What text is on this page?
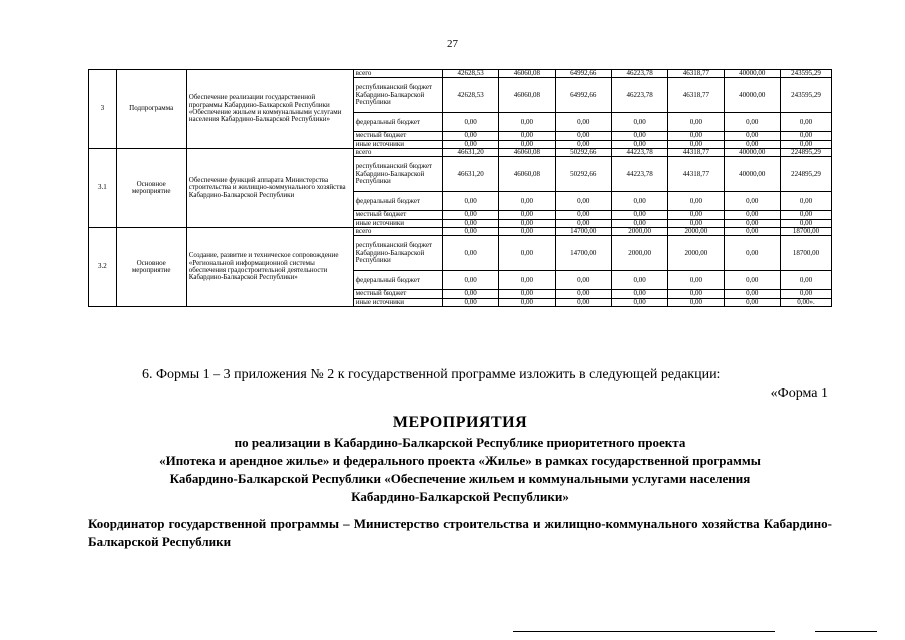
27
3	Подпрограмма	Обеспечение реализации государственной программы Кабардино-Балкарской Республики «Обеспечение жильем и коммунальными услугами населения Кабардино-Балкарской Республики»	всего	42628,53	46060,08	64992,66	46223,78	46318,77	40000,00	243595,29
			республиканский бюджет Кабардино-Балкарской Республики	42628,53	46060,08	64992,66	46223,78	46318,77	40000,00	243595,29
			федеральный бюджет	0,00	0,00	0,00	0,00	0,00	0,00	0,00
			местный бюджет	0,00	0,00	0,00	0,00	0,00	0,00	0,00
			иные источники	0,00	0,00	0,00	0,00	0,00	0,00	0,00
3.1	Основное мероприятие	Обеспечение функций аппарата Министерства строительства и жилищно-коммунального хозяйства Кабардино-Балкарской Республики	всего	46631,20	46060,08	50292,66	44223,78	44318,77	40000,00	224895,29
			республиканский бюджет Кабардино-Балкарской Республики	46631,20	46060,08	50292,66	44223,78	44318,77	40000,00	224895,29
			федеральный бюджет	0,00	0,00	0,00	0,00	0,00	0,00	0,00
			местный бюджет	0,00	0,00	0,00	0,00	0,00	0,00	0,00
			иные источники	0,00	0,00	0,00	0,00	0,00	0,00	0,00
3.2	Основное мероприятие	Создание, развитие и техническое сопровождение «Региональной информационной системы обеспечения градостроительной деятельности Кабардино-Балкарской Республики»	всего	0,00	0,00	14700,00	2000,00	2000,00	0,00	18700,00
			республиканский бюджет Кабардино-Балкарской Республики	0,00	0,00	14700,00	2000,00	2000,00	0,00	18700,00
			федеральный бюджет	0,00	0,00	0,00	0,00	0,00	0,00	0,00
			местный бюджет	0,00	0,00	0,00	0,00	0,00	0,00	0,00
			иные источники	0,00	0,00	0,00	0,00	0,00	0,00	0,00».
6. Формы 1 – 3 приложения № 2 к государственной программе изложить в следующей редакции:
«Форма 1
МЕРОПРИЯТИЯ
по реализации в Кабардино-Балкарской Республике приоритетного проекта
«Ипотека и арендное жилье» и федерального проекта «Жилье» в рамках государственной программы
Кабардино-Балкарской Республики «Обеспечение жильем и коммунальными услугами населения
Кабардино-Балкарской Республики»
Координатор государственной программы – Министерство строительства и жилищно-коммунального хозяйства Кабардино-Балкарской Республики
